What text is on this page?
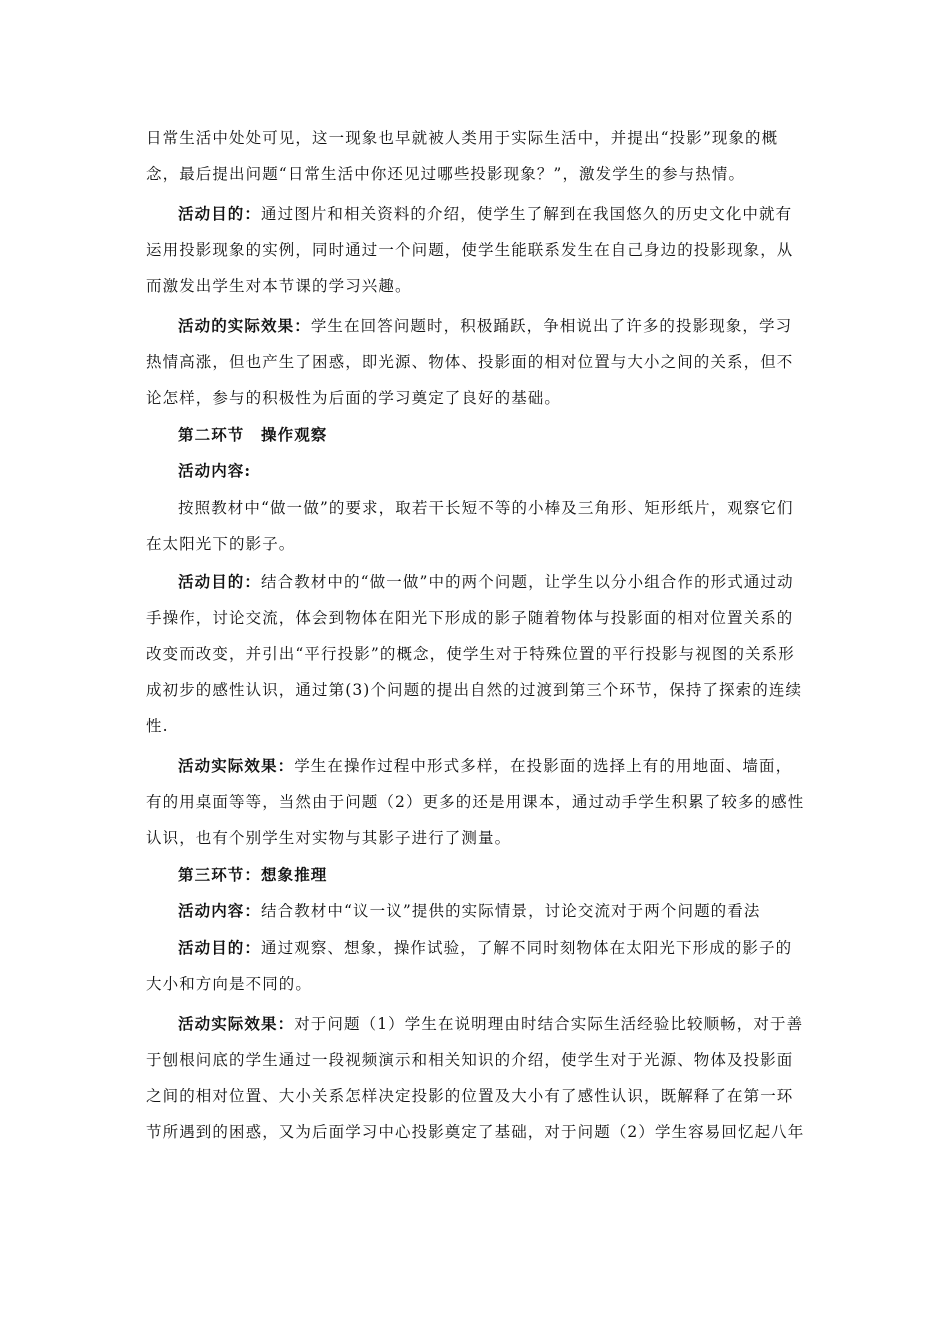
日常生活中处处可见，这一现象也早就被人类用于实际生活中，并提出“投影”现象的概念，最后提出问题“日常生活中你还见过哪些投影现象？”，激发学生的参与热情。

活动目的：通过图片和相关资料的介绍，使学生了解到在我国悠久的历史文化中就有运用投影现象的实例，同时通过一个问题，使学生能联系发生在自己身边的投影现象，从而激发出学生对本节课的学习兴趣。

活动的实际效果：学生在回答问题时，积极踊跃，争相说出了许多的投影现象，学习热情高涨，但也产生了困惑，即光源、物体、投影面的相对位置与大小之间的关系，但不论怎样，参与的积极性为后面的学习奠定了良好的基础。

第二环节　操作观察

活动内容:

按照教材中“做一做”的要求，取若干长短不等的小棒及三角形、矩形纸片，观察它们在太阳光下的影子。

活动目的：结合教材中的“做一做”中的两个问题，让学生以分小组合作的形式通过动手操作，讨论交流，体会到物体在阳光下形成的影子随着物体与投影面的相对位置关系的改变而改变，并引出“平行投影”的概念，使学生对于特殊位置的平行投影与视图的关系形成初步的感性认识，通过第(3)个问题的提出自然的过渡到第三个环节，保持了探索的连续性.

活动实际效果：学生在操作过程中形式多样，在投影面的选择上有的用地面、墙面，有的用桌面等等，当然由于问题（2）更多的还是用课本，通过动手学生积累了较多的感性认识，也有个别学生对实物与其影子进行了测量。

第三环节：想象推理

活动内容：结合教材中“议一议”提供的实际情景，讨论交流对于两个问题的看法

活动目的：通过观察、想象，操作试验，了解不同时刻物体在太阳光下形成的影子的大小和方向是不同的。

活动实际效果：对于问题（1）学生在说明理由时结合实际生活经验比较顺畅，对于善于刨根问底的学生通过一段视频演示和相关知识的介绍，使学生对于光源、物体及投影面之间的相对位置、大小关系怎样决定投影的位置及大小有了感性认识，既解释了在第一环节所遇到的困惑，又为后面学习中心投影奠定了基础，对于问题（2）学生容易回忆起八年
